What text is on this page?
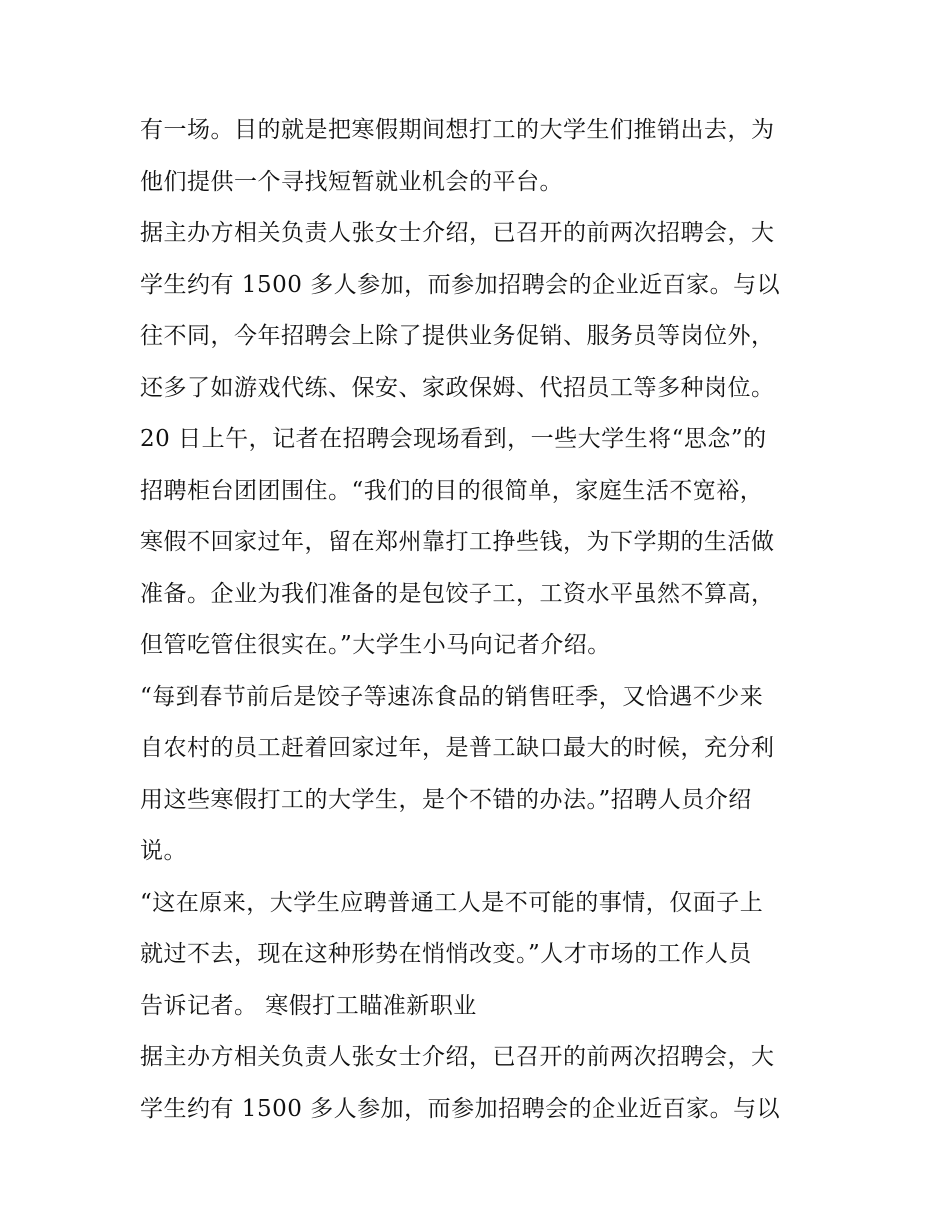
有一场。目的就是把寒假期间想打工的大学生们推销出去，为
他们提供一个寻找短暂就业机会的平台。
据主办方相关负责人张女士介绍，已召开的前两次招聘会，大
学生约有 1500 多人参加，而参加招聘会的企业近百家。与以
往不同，今年招聘会上除了提供业务促销、服务员等岗位外，
还多了如游戏代练、保安、家政保姆、代招员工等多种岗位。
20 日上午，记者在招聘会现场看到，一些大学生将“思念”的
招聘柜台团团围住。“我们的目的很简单，家庭生活不宽裕，
寒假不回家过年，留在郑州靠打工挣些钱，为下学期的生活做
准备。企业为我们准备的是包饺子工，工资水平虽然不算高，
但管吃管住很实在。”大学生小马向记者介绍。
“每到春节前后是饺子等速冻食品的销售旺季，又恰遇不少来
自农村的员工赶着回家过年，是普工缺口最大的时候，充分利
用这些寒假打工的大学生，是个不错的办法。”招聘人员介绍
说。
“这在原来，大学生应聘普通工人是不可能的事情，仅面子上
就过不去，现在这种形势在悄悄改变。”人才市场的工作人员
告诉记者。 寒假打工瞄准新职业
据主办方相关负责人张女士介绍，已召开的前两次招聘会，大
学生约有 1500 多人参加，而参加招聘会的企业近百家。与以
